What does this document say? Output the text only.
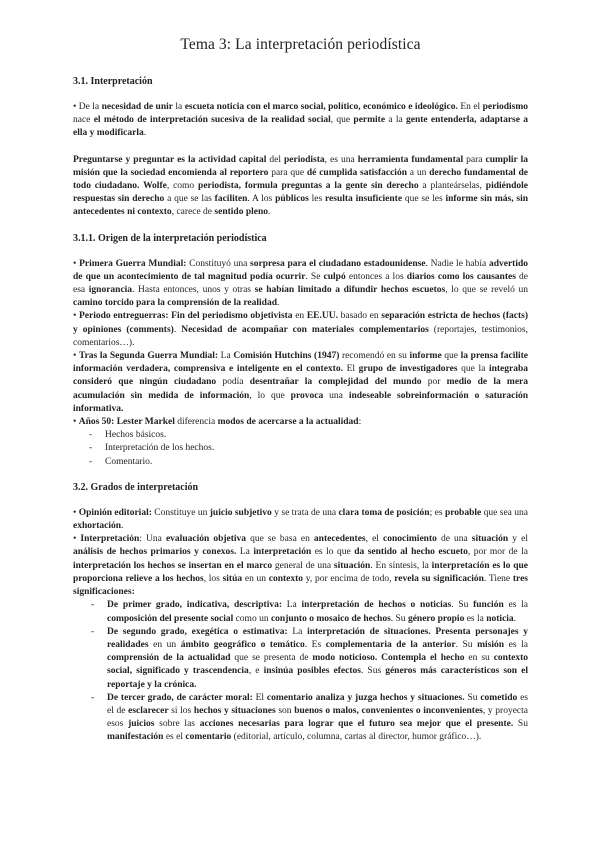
Tema 3: La interpretación periodística
3.1. Interpretación
• De la necesidad de unir la escueta noticia con el marco social, político, económico e ideológico. En el periodismo nace el método de interpretación sucesiva de la realidad social, que permite a la gente entenderla, adaptarse a ella y modificarla.
Preguntarse y preguntar es la actividad capital del periodista, es una herramienta fundamental para cumplir la misión que la sociedad encomienda al reportero para que dé cumplida satisfacción a un derecho fundamental de todo ciudadano. Wolfe, como periodista, formula preguntas a la gente sin derecho a planteárselas, pidiéndole respuestas sin derecho a que se las faciliten. A los públicos les resulta insuficiente que se les informe sin más, sin antecedentes ni contexto, carece de sentido pleno.
3.1.1. Origen de la interpretación periodística
• Primera Guerra Mundial: Constituyó una sorpresa para el ciudadano estadounidense. Nadie le había advertido de que un acontecimiento de tal magnitud podía ocurrir. Se culpó entonces a los diarios como los causantes de esa ignorancia. Hasta entonces, unos y otras se habían limitado a difundir hechos escuetos, lo que se reveló un camino torcido para la comprensión de la realidad.
• Periodo entreguerras: Fin del periodismo objetivista en EE.UU. basado en separación estricta de hechos (facts) y opiniones (comments). Necesidad de acompañar con materiales complementarios (reportajes, testimonios, comentarios…).
• Tras la Segunda Guerra Mundial: La Comisión Hutchins (1947) recomendó en su informe que la prensa facilite información verdadera, comprensiva e inteligente en el contexto. El grupo de investigadores que la integraba consideró que ningún ciudadano podía desentrañar la complejidad del mundo por medio de la mera acumulación sin medida de información, lo que provoca una indeseable sobreinformación o saturación informativa.
• Años 50: Lester Markel diferencia modos de acercarse a la actualidad:
- Hechos básicos.
- Interpretación de los hechos.
- Comentario.
3.2. Grados de interpretación
• Opinión editorial: Constituye un juicio subjetivo y se trata de una clara toma de posición; es probable que sea una exhortación.
• Interpretación: Una evaluación objetiva que se basa en antecedentes, el conocimiento de una situación y el análisis de hechos primarios y conexos. La interpretación es lo que da sentido al hecho escueto, por mor de la interpretación los hechos se insertan en el marco general de una situación. En síntesis, la interpretación es lo que proporciona relieve a los hechos, los sitúa en un contexto y, por encima de todo, revela su significación. Tiene tres significaciones:
- De primer grado, indicativa, descriptiva: La interpretación de hechos o noticias. Su función es la composición del presente social como un conjunto o mosaico de hechos. Su género propio es la noticia.
- De segundo grado, exegética o estimativa: La interpretación de situaciones. Presenta personajes y realidades en un ámbito geográfico o temático. Es complementaria de la anterior. Su misión es la comprensión de la actualidad que se presenta de modo noticioso. Contempla el hecho en su contexto social, significado y trascendencia, e insinúa posibles efectos. Sus géneros más característicos son el reportaje y la crónica.
- De tercer grado, de carácter moral: El comentario analiza y juzga hechos y situaciones. Su cometido es el de esclarecer si los hechos y situaciones son buenos o malos, convenientes o inconvenientes, y proyecta esos juicios sobre las acciones necesarias para lograr que el futuro sea mejor que el presente. Su manifestación es el comentario (editorial, artículo, columna, cartas al director, humor gráfico…).
